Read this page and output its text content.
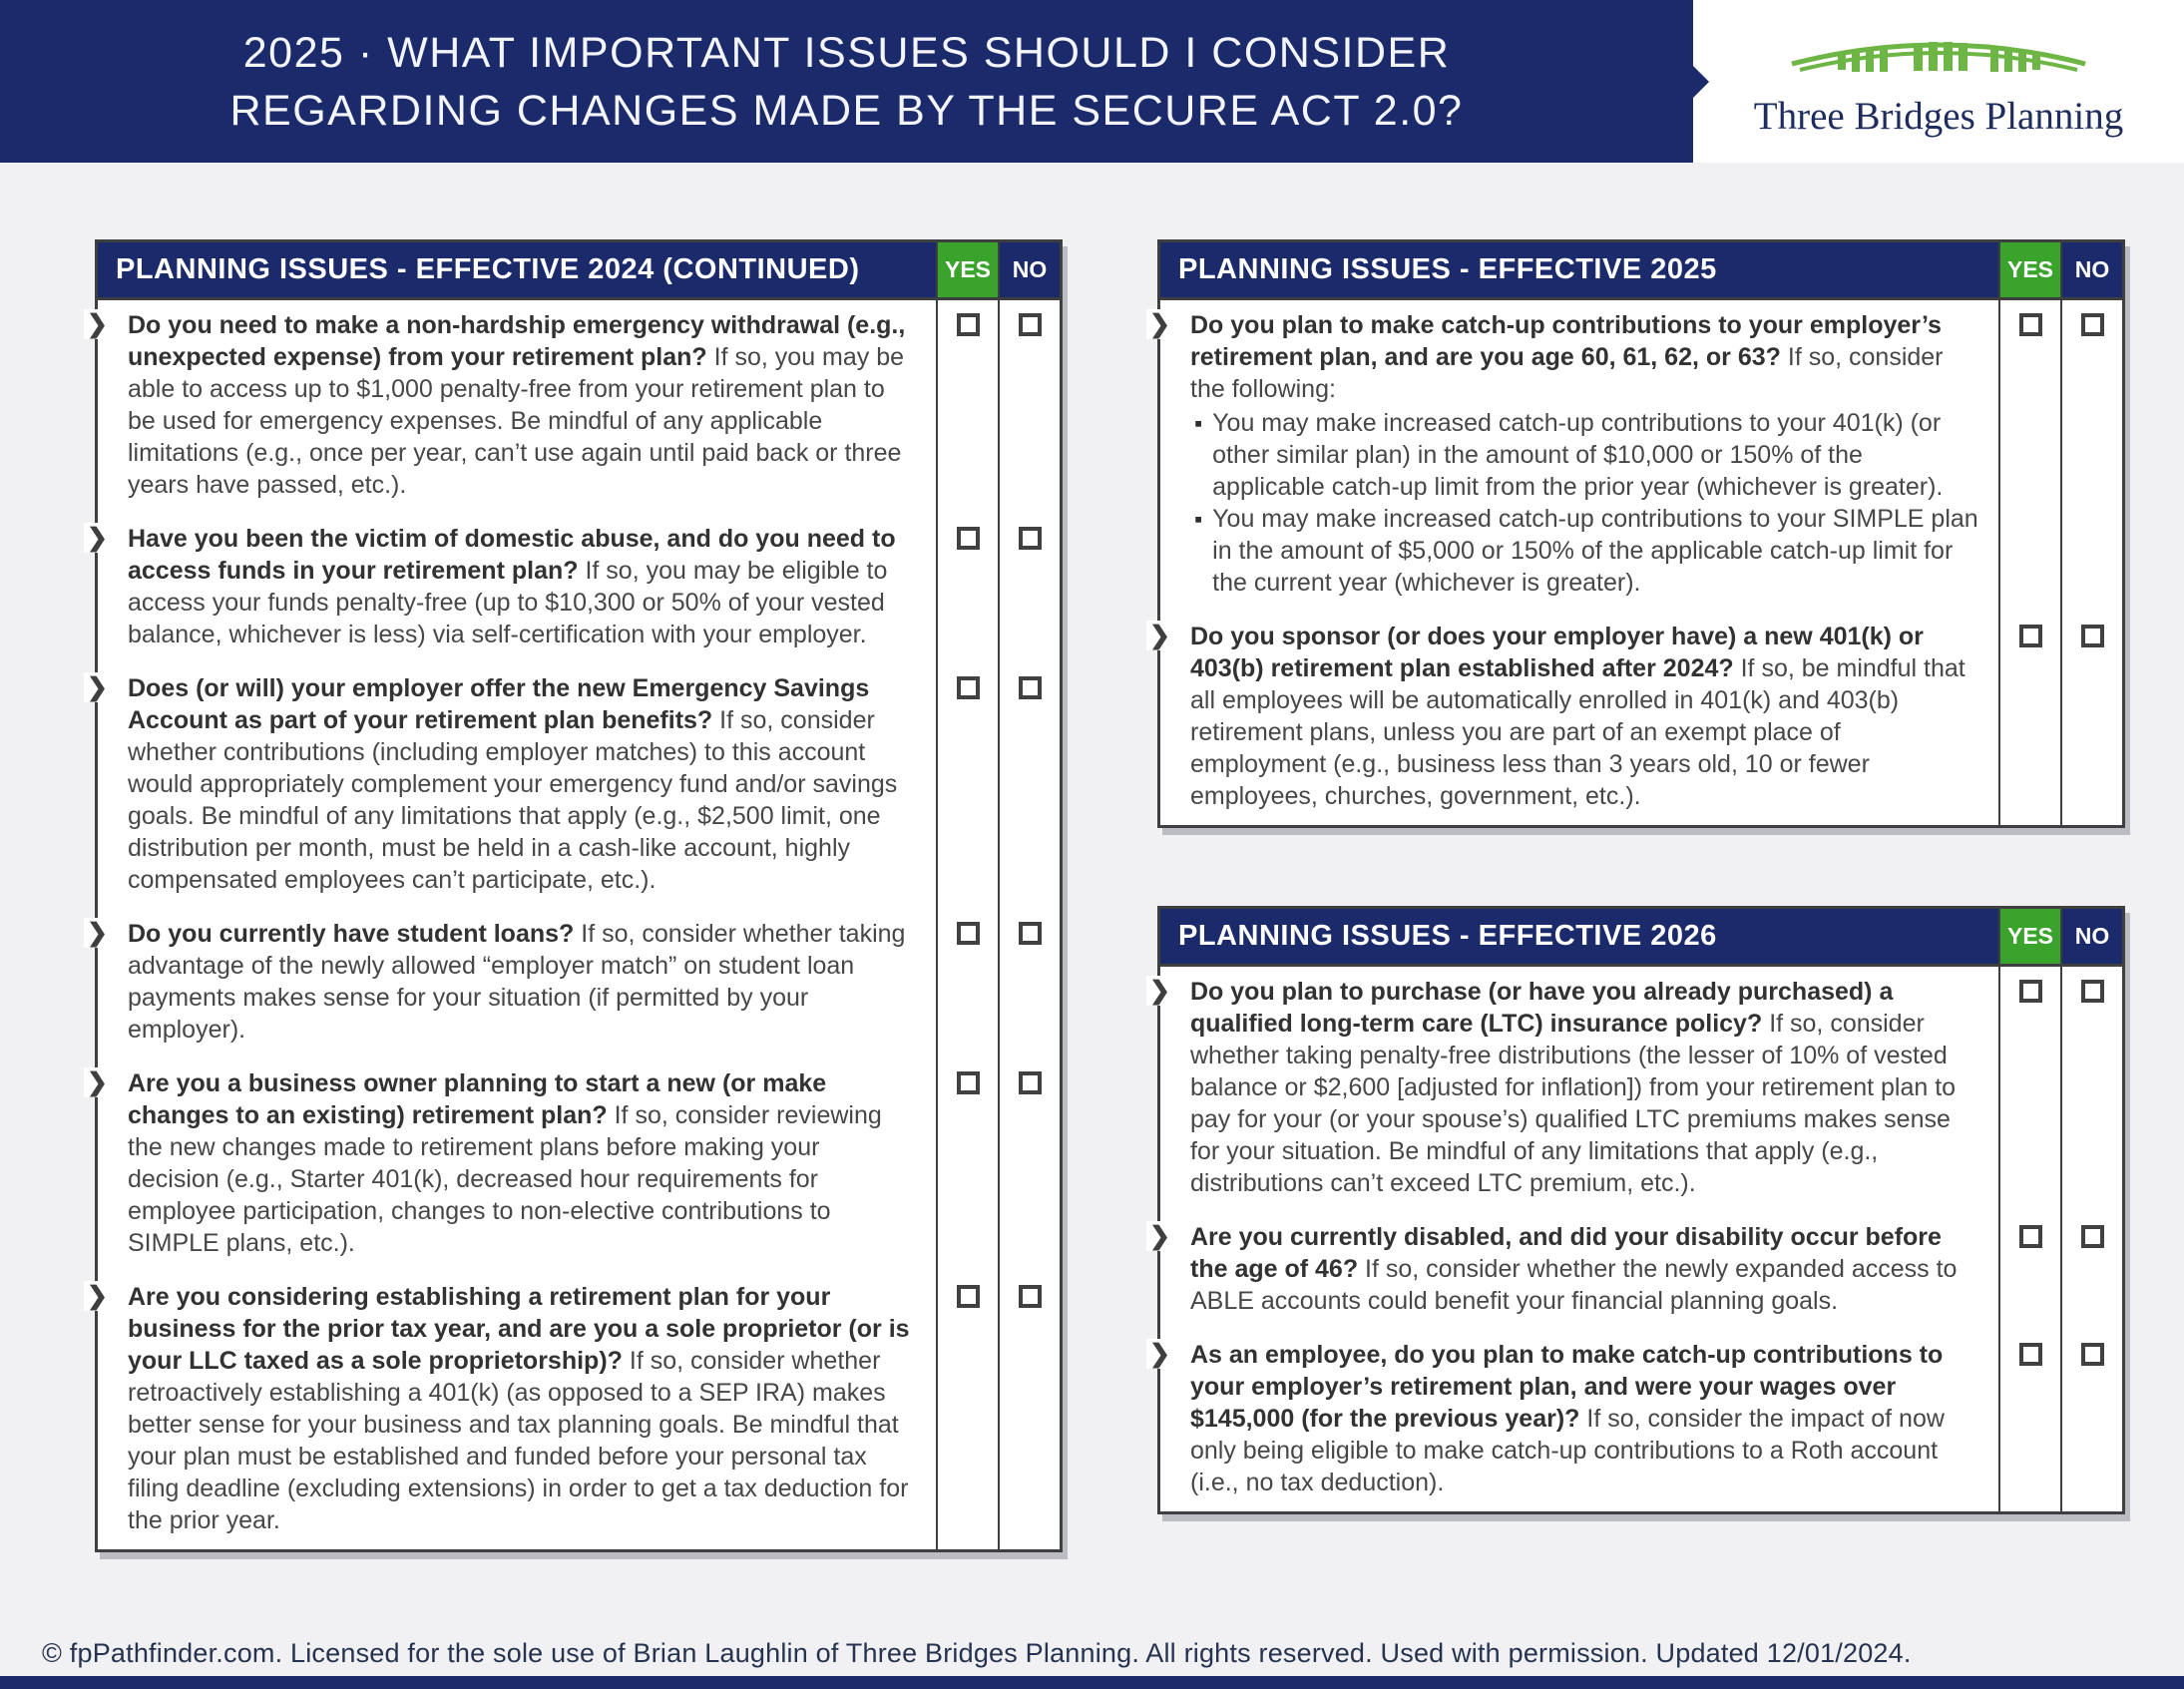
2025 · WHAT IMPORTANT ISSUES SHOULD I CONSIDER
REGARDING CHANGES MADE BY THE SECURE ACT 2.0?	Three Bridges Planning
PLANNING ISSUES - EFFECTIVE 2024 (CONTINUED)	YES NO
❯

Do you need to make a non-hardship emergency withdrawal (e.g., unexpected expense) from your retirement plan? If so, you may be able to access up to $1,000 penalty-free from your retirement plan to be used for emergency expenses. Be mindful of any applicable limitations (e.g., once per year, can’t use again until paid back or three years have passed, etc.).

❯

Have you been the victim of domestic abuse, and do you need to access funds in your retirement plan? If so, you may be eligible to access your funds penalty-free (up to $10,300 or 50% of your vested balance, whichever is less) via self-certification with your employer.

❯

Does (or will) your employer offer the new Emergency Savings Account as part of your retirement plan benefits? If so, consider whether contributions (including employer matches) to this account would appropriately complement your emergency fund and/or savings goals. Be mindful of any limitations that apply (e.g., $2,500 limit, one distribution per month, must be held in a cash-like account, highly compensated employees can’t participate, etc.).

❯

Do you currently have student loans? If so, consider whether taking advantage of the newly allowed “employer match” on student loan payments makes sense for your situation (if permitted by your employer).

❯

Are you a business owner planning to start a new (or make changes to an existing) retirement plan? If so, consider reviewing the new changes made to retirement plans before making your decision (e.g., Starter 401(k), decreased hour requirements for employee participation, changes to non-elective contributions to SIMPLE plans, etc.).

❯

Are you considering establishing a retirement plan for your business for the prior tax year, and are you a sole proprietor (or is your LLC taxed as a sole proprietorship)? If so, consider whether retroactively establishing a 401(k) (as opposed to a SEP IRA) makes better sense for your business and tax planning goals. Be mindful that your plan must be established and funded before your personal tax filing deadline (excluding extensions) in order to get a tax deduction for the prior year.

PLANNING ISSUES - EFFECTIVE 2025	YES NO
❯

Do you plan to make catch-up contributions to your employer’s retirement plan, and are you age 60, 61, 62, or 63? If so, consider the following:

▪
You may make increased catch-up contributions to your 401(k) (or other similar plan) in the amount of $10,000 or 150% of the applicable catch-up limit from the prior year (whichever is greater).
▪
You may make increased catch-up contributions to your SIMPLE plan in the amount of $5,000 or 150% of the applicable catch-up limit for the current year (whichever is greater).
❯

Do you sponsor (or does your employer have) a new 401(k) or 403(b) retirement plan established after 2024? If so, be mindful that all employees will be automatically enrolled in 401(k) and 403(b) retirement plans, unless you are part of an exempt place of employment (e.g., business less than 3 years old, 10 or fewer employees, churches, government, etc.).

PLANNING ISSUES - EFFECTIVE 2026	YES NO
❯

Do you plan to purchase (or have you already purchased) a qualified long-term care (LTC) insurance policy? If so, consider whether taking penalty-free distributions (the lesser of 10% of vested balance or $2,600 [adjusted for inflation]) from your retirement plan to pay for your (or your spouse’s) qualified LTC premiums makes sense for your situation. Be mindful of any limitations that apply (e.g., distributions can’t exceed LTC premium, etc.).

❯

Are you currently disabled, and did your disability occur before the age of 46? If so, consider whether the newly expanded access to ABLE accounts could benefit your financial planning goals.

❯

As an employee, do you plan to make catch-up contributions to your employer’s retirement plan, and were your wages over $145,000 (for the previous year)? If so, consider the impact of now only being eligible to make catch-up contributions to a Roth account (i.e., no tax deduction).

© fpPathfinder.com. Licensed for the sole use of Brian Laughlin of Three Bridges Planning. All rights reserved. Used with permission. Updated 12/01/2024.
